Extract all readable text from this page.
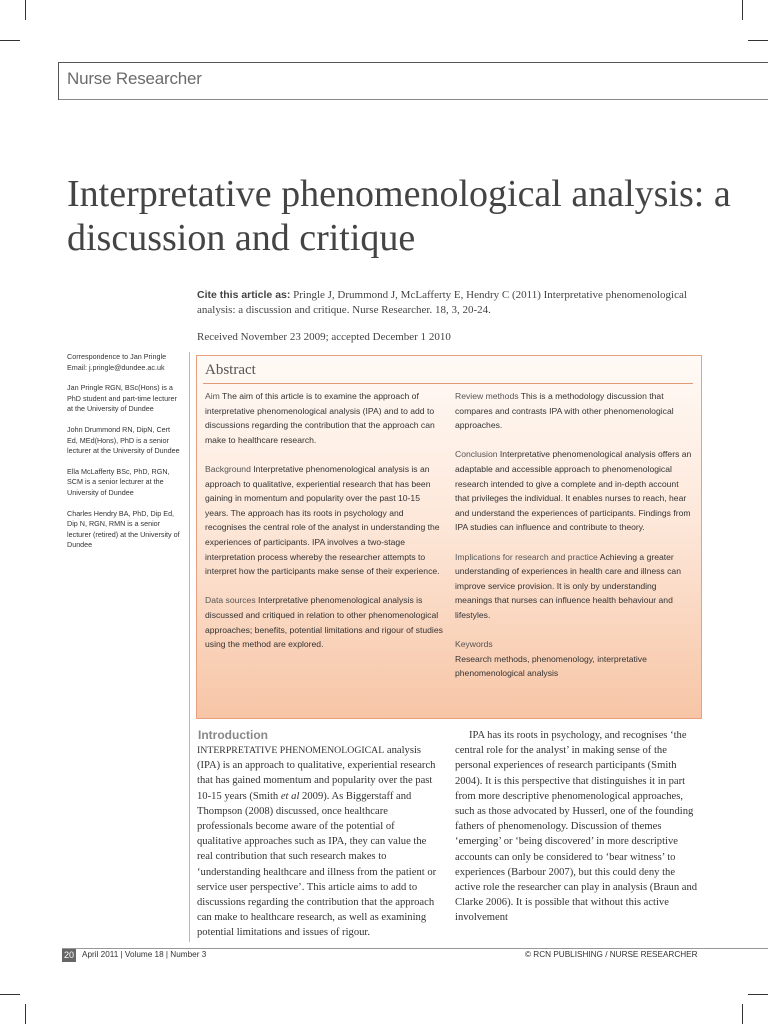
Nurse Researcher
Interpretative phenomenological analysis: a discussion and critique
Cite this article as: Pringle J, Drummond J, McLafferty E, Hendry C (2011) Interpretative phenomenological analysis: a discussion and critique. Nurse Researcher. 18, 3, 20-24.
Received November 23 2009; accepted December 1 2010

Correspondence to Jan Pringle Email: j.pringle@dundee.ac.uk

Jan Pringle RGN, BSc(Hons) is a PhD student and part-time lecturer at the University of Dundee

John Drummond RN, DipN, Cert Ed, MEd(Hons), PhD is a senior lecturer at the University of Dundee

Ella McLafferty BSc, PhD, RGN, SCM is a senior lecturer at the University of Dundee

Charles Hendry BA, PhD, Dip Ed, Dip N, RGN, RMN is a senior lecturer (retired) at the University of Dundee

Abstract

Aim The aim of this article is to examine the approach of interpretative phenomenological analysis (IPA) and to add to discussions regarding the contribution that the approach can make to healthcare research.

Background Interpretative phenomenological analysis is an approach to qualitative, experiential research that has been gaining in momentum and popularity over the past 10-15 years. The approach has its roots in psychology and recognises the central role of the analyst in understanding the experiences of participants. IPA involves a two-stage interpretation process whereby the researcher attempts to interpret how the participants make sense of their experience.

Data sources Interpretative phenomenological analysis is discussed and critiqued in relation to other phenomenological approaches; benefits, potential limitations and rigour of studies using the method are explored.

Review methods This is a methodology discussion that compares and contrasts IPA with other phenomenological approaches.

Conclusion Interpretative phenomenological analysis offers an adaptable and accessible approach to phenomenological research intended to give a complete and in-depth account that privileges the individual. It enables nurses to reach, hear and understand the experiences of participants. Findings from IPA studies can influence and contribute to theory.

Implications for research and practice Achieving a greater understanding of experiences in health care and illness can improve service provision. It is only by understanding meanings that nurses can influence health behaviour and lifestyles.

Keywords
Research methods, phenomenology, interpretative phenomenological analysis

Introduction

INTERPRETATIVE PHENOMENOLOGICAL analysis (IPA) is an approach to qualitative, experiential research that has gained momentum and popularity over the past 10-15 years (Smith et al 2009). As Biggerstaff and Thompson (2008) discussed, once healthcare professionals become aware of the potential of qualitative approaches such as IPA, they can value the real contribution that such research makes to ‘understanding healthcare and illness from the patient or service user perspective’. This article aims to add to discussions regarding the contribution that the approach can make to healthcare research, as well as examining potential limitations and issues of rigour.

IPA has its roots in psychology, and recognises ‘the central role for the analyst’ in making sense of the personal experiences of research participants (Smith 2004). It is this perspective that distinguishes it in part from more descriptive phenomenological approaches, such as those advocated by Husserl, one of the founding fathers of phenomenology. Discussion of themes ‘emerging’ or ‘being discovered’ in more descriptive accounts can only be considered to ‘bear witness’ to experiences (Barbour 2007), but this could deny the active role the researcher can play in analysis (Braun and Clarke 2006). It is possible that without this active involvement

20 April 2011 | Volume 18 | Number 3	© RCN PUBLISHING / NURSE RESEARCHER
